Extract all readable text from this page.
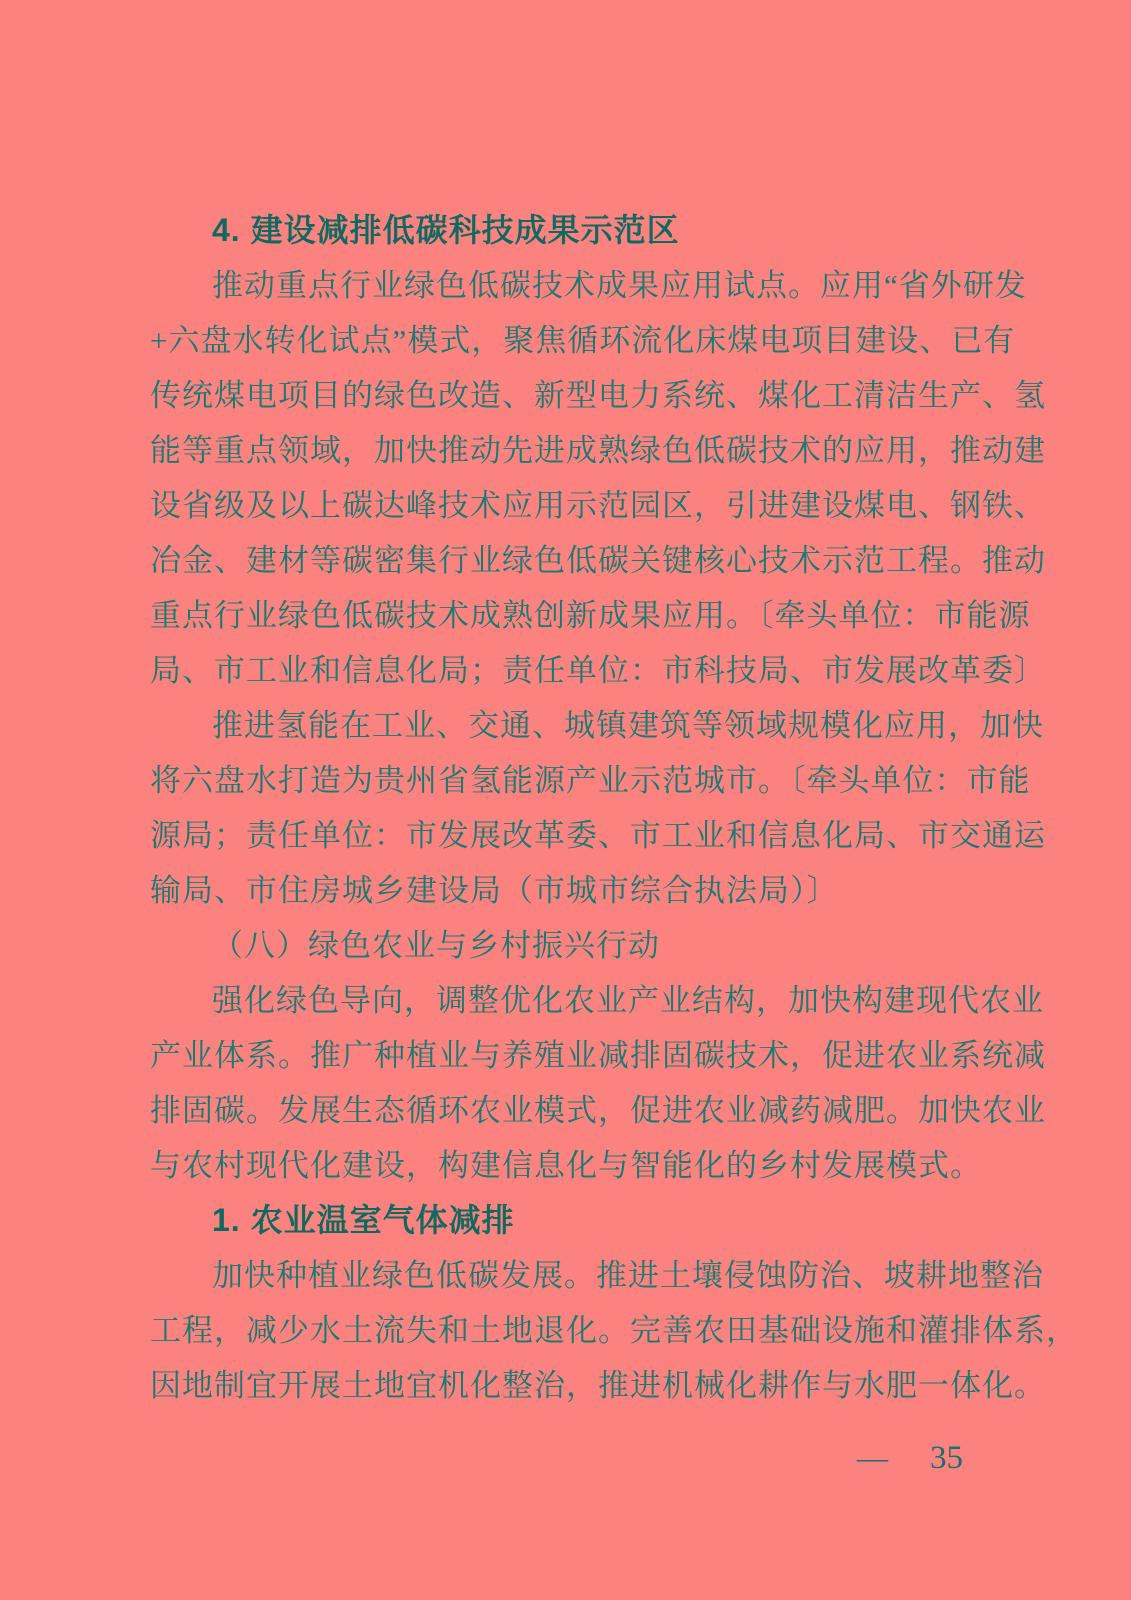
4. 建设减排低碳科技成果示范区
推动重点行业绿色低碳技术成果应用试点。应用“省外研发
+六盘水转化试点”模式，聚焦循环流化床煤电项目建设、已有
传统煤电项目的绿色改造、新型电力系统、煤化工清洁生产、氢
能等重点领域，加快推动先进成熟绿色低碳技术的应用，推动建
设省级及以上碳达峰技术应用示范园区，引进建设煤电、钢铁、
冶金、建材等碳密集行业绿色低碳关键核心技术示范工程。推动
重点行业绿色低碳技术成熟创新成果应用。〔牵头单位：市能源
局、市工业和信息化局；责任单位：市科技局、市发展改革委〕
推进氢能在工业、交通、城镇建筑等领域规模化应用，加快
将六盘水打造为贵州省氢能源产业示范城市。〔牵头单位：市能
源局；责任单位：市发展改革委、市工业和信息化局、市交通运
输局、市住房城乡建设局（市城市综合执法局）〕
（八）绿色农业与乡村振兴行动
强化绿色导向，调整优化农业产业结构，加快构建现代农业
产业体系。推广种植业与养殖业减排固碳技术，促进农业系统减
排固碳。发展生态循环农业模式，促进农业减药减肥。加快农业
与农村现代化建设，构建信息化与智能化的乡村发展模式。
1. 农业温室气体减排
加快种植业绿色低碳发展。推进土壤侵蚀防治、坡耕地整治
工程，减少水土流失和土地退化。完善农田基础设施和灌排体系，
因地制宜开展土地宜机化整治，推进机械化耕作与水肥一体化。
— 35
